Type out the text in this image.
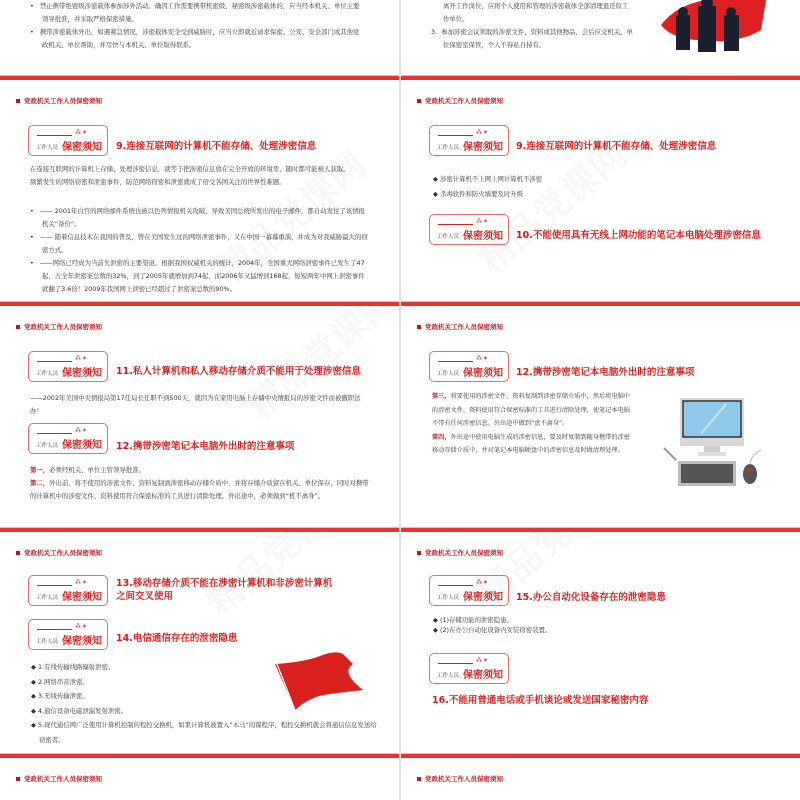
•   禁止携带绝密级涉密载体参加涉外活动。确因工作需要携带机密级、秘密级涉密载体的，应当经本机关、单位主要领导批准，并采取严格保密措施。

•   携带涉密载体外出，如遇紧急情况，涉密载体安全受到威胁时，应当立即就近请求保密、公安、安全部门或其他党政机关、单位帮助，并尽快与本机关、单位取得联系。

离开工作岗位，应将个人使用和管理的涉密载体全部清理退还原工作单位。

3. 参加涉密会议领取的涉密文件、资料或其他物品，会后应交机关、单位保密室保管，个人不得私自持有。

党政机关工作人员保密须知
⁂✶
工作人员 保密须知 9.连接互联网的计算机不能存储、处理涉密信息

在连接互联网的计算机上存储、处理涉密信息，就等于把涉密信息放在完全开放的环境里，随时都可能被人获取。

频繁发生的网络窃密和泄密事件，防范网络窃密和泄密就成了倍受各国关注的世界性难题。

•   —— 2001年白宫的网络邮件系统也被以色列情报机关攻破，导致美国总统所发出的电子邮件，都自动发往了该情报机关“备份”。

•   —— 随着信息技术在我国的普及，曾在美国发生过的网络泄密事件，又在中国一幕幕重演，并成为对我威胁最大的窃密方式。

•   ——网络已经成为当前失泄密的主要渠道。根据我国权威机关的统计，2004年，全国重大网络泄密事件已发生了47起，占全年泄密案总数的32%，到了2005年就增加到74起，而2006年又猛增到168起，短短两年中网上泄密事件就翻了3.6倍！2009年我国网上泄密已经超过了泄密案总数的90%。

党政机关工作人员保密须知
⁂✶
工作人员 保密须知 9.连接互联网的计算机不能存储、处理涉密信息

◆ 涉密计算机不上网上网计算机不涉密

◆ 杀毒软件和防火墙要及时升级

⁂✶
工作人员 保密须知 10.不能使用具有无线上网功能的笔记本电脑处理涉密信息
党政机关工作人员保密须知
⁂✶
工作人员 保密须知 11.私人计算机和私人移动存储介质不能用于处理涉密信息
——2002年美国中央情报局第17任局长任职不到500天，就因为在家用电脑上存储中央情报局的涉密文件而被撤职法办！
⁂✶
工作人员 保密须知 12.携带涉密笔记本电脑外出时的注意事项

第一，必须经机关、单位主管领导批准。

第二，外出前，将不使用的涉密文件、资料复制到涉密移动存储介质中，并将存储介质留在机关、单位保存，同时对携带的计算机中的涉密文件、资料使用符合保密标准的工具进行清除处理。外出途中，必须做到“机不离身”。

党政机关工作人员保密须知
⁂✶
工作人员 保密须知 12.携带涉密笔记本电脑外出时的注意事项

第三，将要使用的涉密文件、资料复制到涉密存储介质中，然后将电脑中的涉密文件、资料使用符合保密标准的工具进行清除处理，使笔记本电脑不带有任何涉密信息。外出途中做到“盘不离身”。

第四，外出途中使用电脑生成的涉密信息，要及时复制到随身携带的涉密移动存储介质中，并对笔记本电脑硬盘中的涉密信息及时做清理处理。

党政机关工作人员保密须知
⁂✶
工作人员 保密须知
13.移动存储介质不能在涉密计算机和非涉密计算机之间交叉使用
⁂✶
工作人员 保密须知 14.电信通信存在的泄密隐患

◆ 1.有线传输线路辐射泄密。

◆ 2.网络串音泄密。

◆ 3.无线传输泄密。

◆ 4.通信设备电磁泄漏发射泄密。

◆ 5.现代通信网广泛使用计算机控制的程控交换机，如果计算机被置入“木马”间谍程序，程控交换机就会将通信信息发送给窃密者。

党政机关工作人员保密须知
⁂✶
工作人员 保密须知 15.办公自动化设备存在的泄密隐患

◆ (1)存储功能的泄密隐患。

◆ (2)在办公自动化设备内安装窃密装置。

⁂✶
工作人员 保密须知
16.不能用普通电话或手机谈论或发送国家秘密内容
党政机关工作人员保密须知	党政机关工作人员保密须知
